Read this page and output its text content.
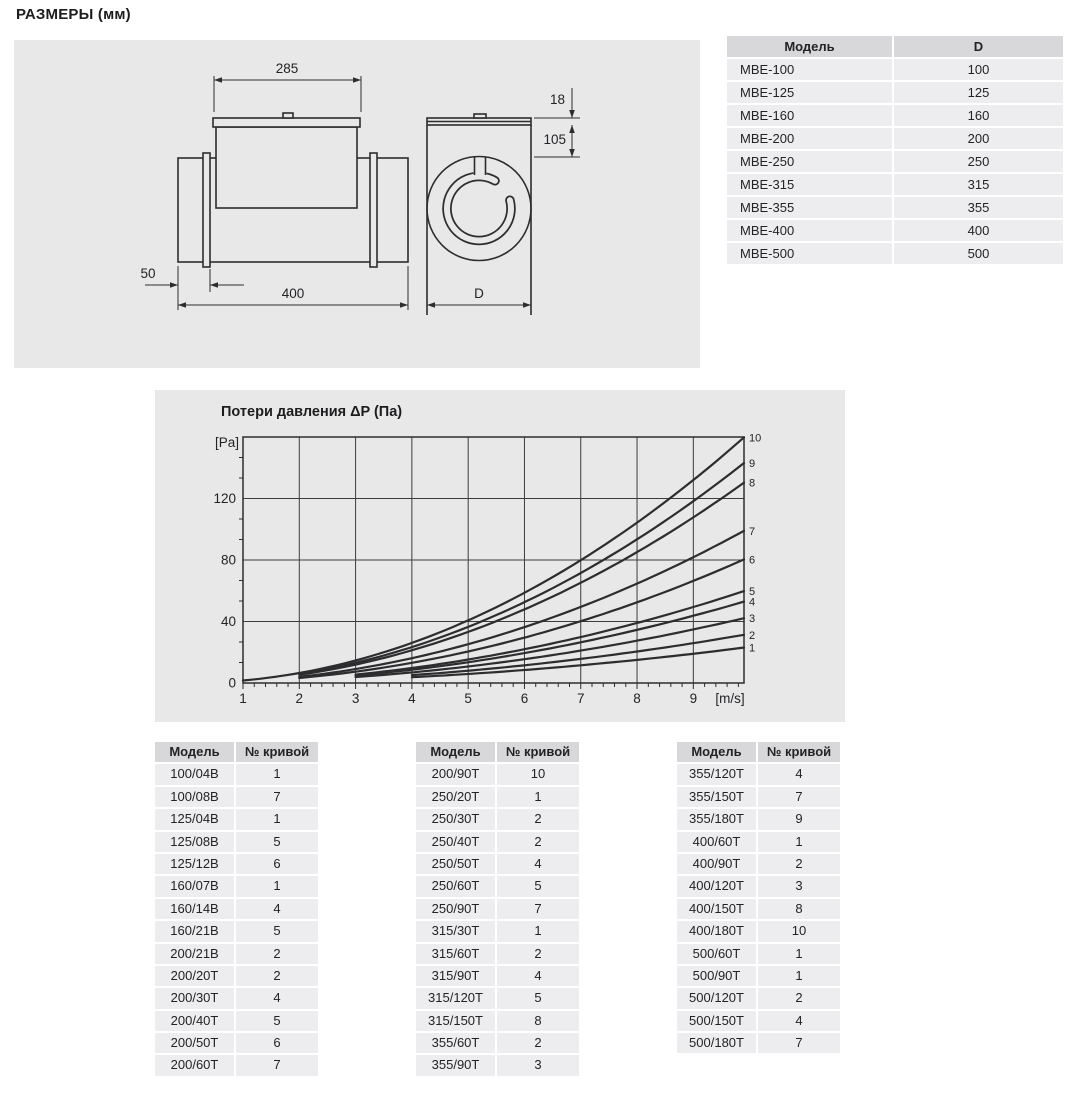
РАЗМЕРЫ (мм)
285
400
50
D
18
105
Модель	D
MBE-100	100
MBE-125	125
MBE-160	160
MBE-200	200
MBE-250	250
MBE-315	315
MBE-355	355
MBE-400	400
MBE-500	500
Потери давления ΔP (Па)
0
40
80
120
1	2	3	4	5	6	7	8	9
[Pa]
[m/s]
1
2
3
4
5
6
7
8
9
10
Модель	№ кривой
100/04B	1
100/08B	7
125/04B	1
125/08B	5
125/12B	6
160/07B	1
160/14B	4
160/21B	5
200/21B	2
200/20T	2
200/30T	4
200/40T	5
200/50T	6
200/60T	7
Модель	№ кривой
200/90T	10
250/20T	1
250/30T	2
250/40T	2
250/50T	4
250/60T	5
250/90T	7
315/30T	1
315/60T	2
315/90T	4
315/120T	5
315/150T	8
355/60T	2
355/90T	3
Модель	№ кривой
355/120T	4
355/150T	7
355/180T	9
400/60T	1
400/90T	2
400/120T	3
400/150T	8
400/180T	10
500/60T	1
500/90T	1
500/120T	2
500/150T	4
500/180T	7
